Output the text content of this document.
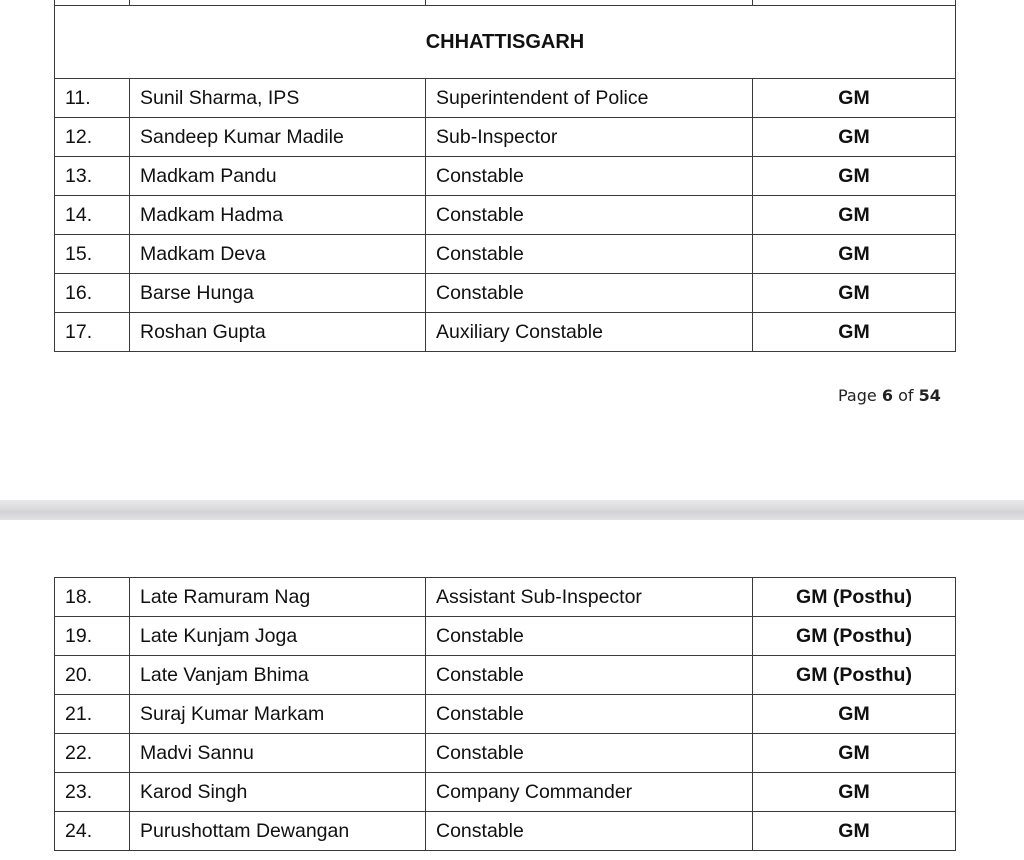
CHHATTISGARH			
11.	Sunil Sharma, IPS	Superintendent of Police	GM
12.	Sandeep Kumar Madile	Sub-Inspector	GM
13.	Madkam Pandu	Constable	GM
14.	Madkam Hadma	Constable	GM
15.	Madkam Deva	Constable	GM
16.	Barse Hunga	Constable	GM
17.	Roshan Gupta	Auxiliary Constable	GM
Page 6 of 54
18.	Late Ramuram Nag	Assistant Sub-Inspector	GM (Posthu)
19.	Late Kunjam Joga	Constable	GM (Posthu)
20.	Late Vanjam Bhima	Constable	GM (Posthu)
21.	Suraj Kumar Markam	Constable	GM
22.	Madvi Sannu	Constable	GM
23.	Karod Singh	Company Commander	GM
24.	Purushottam Dewangan	Constable	GM
